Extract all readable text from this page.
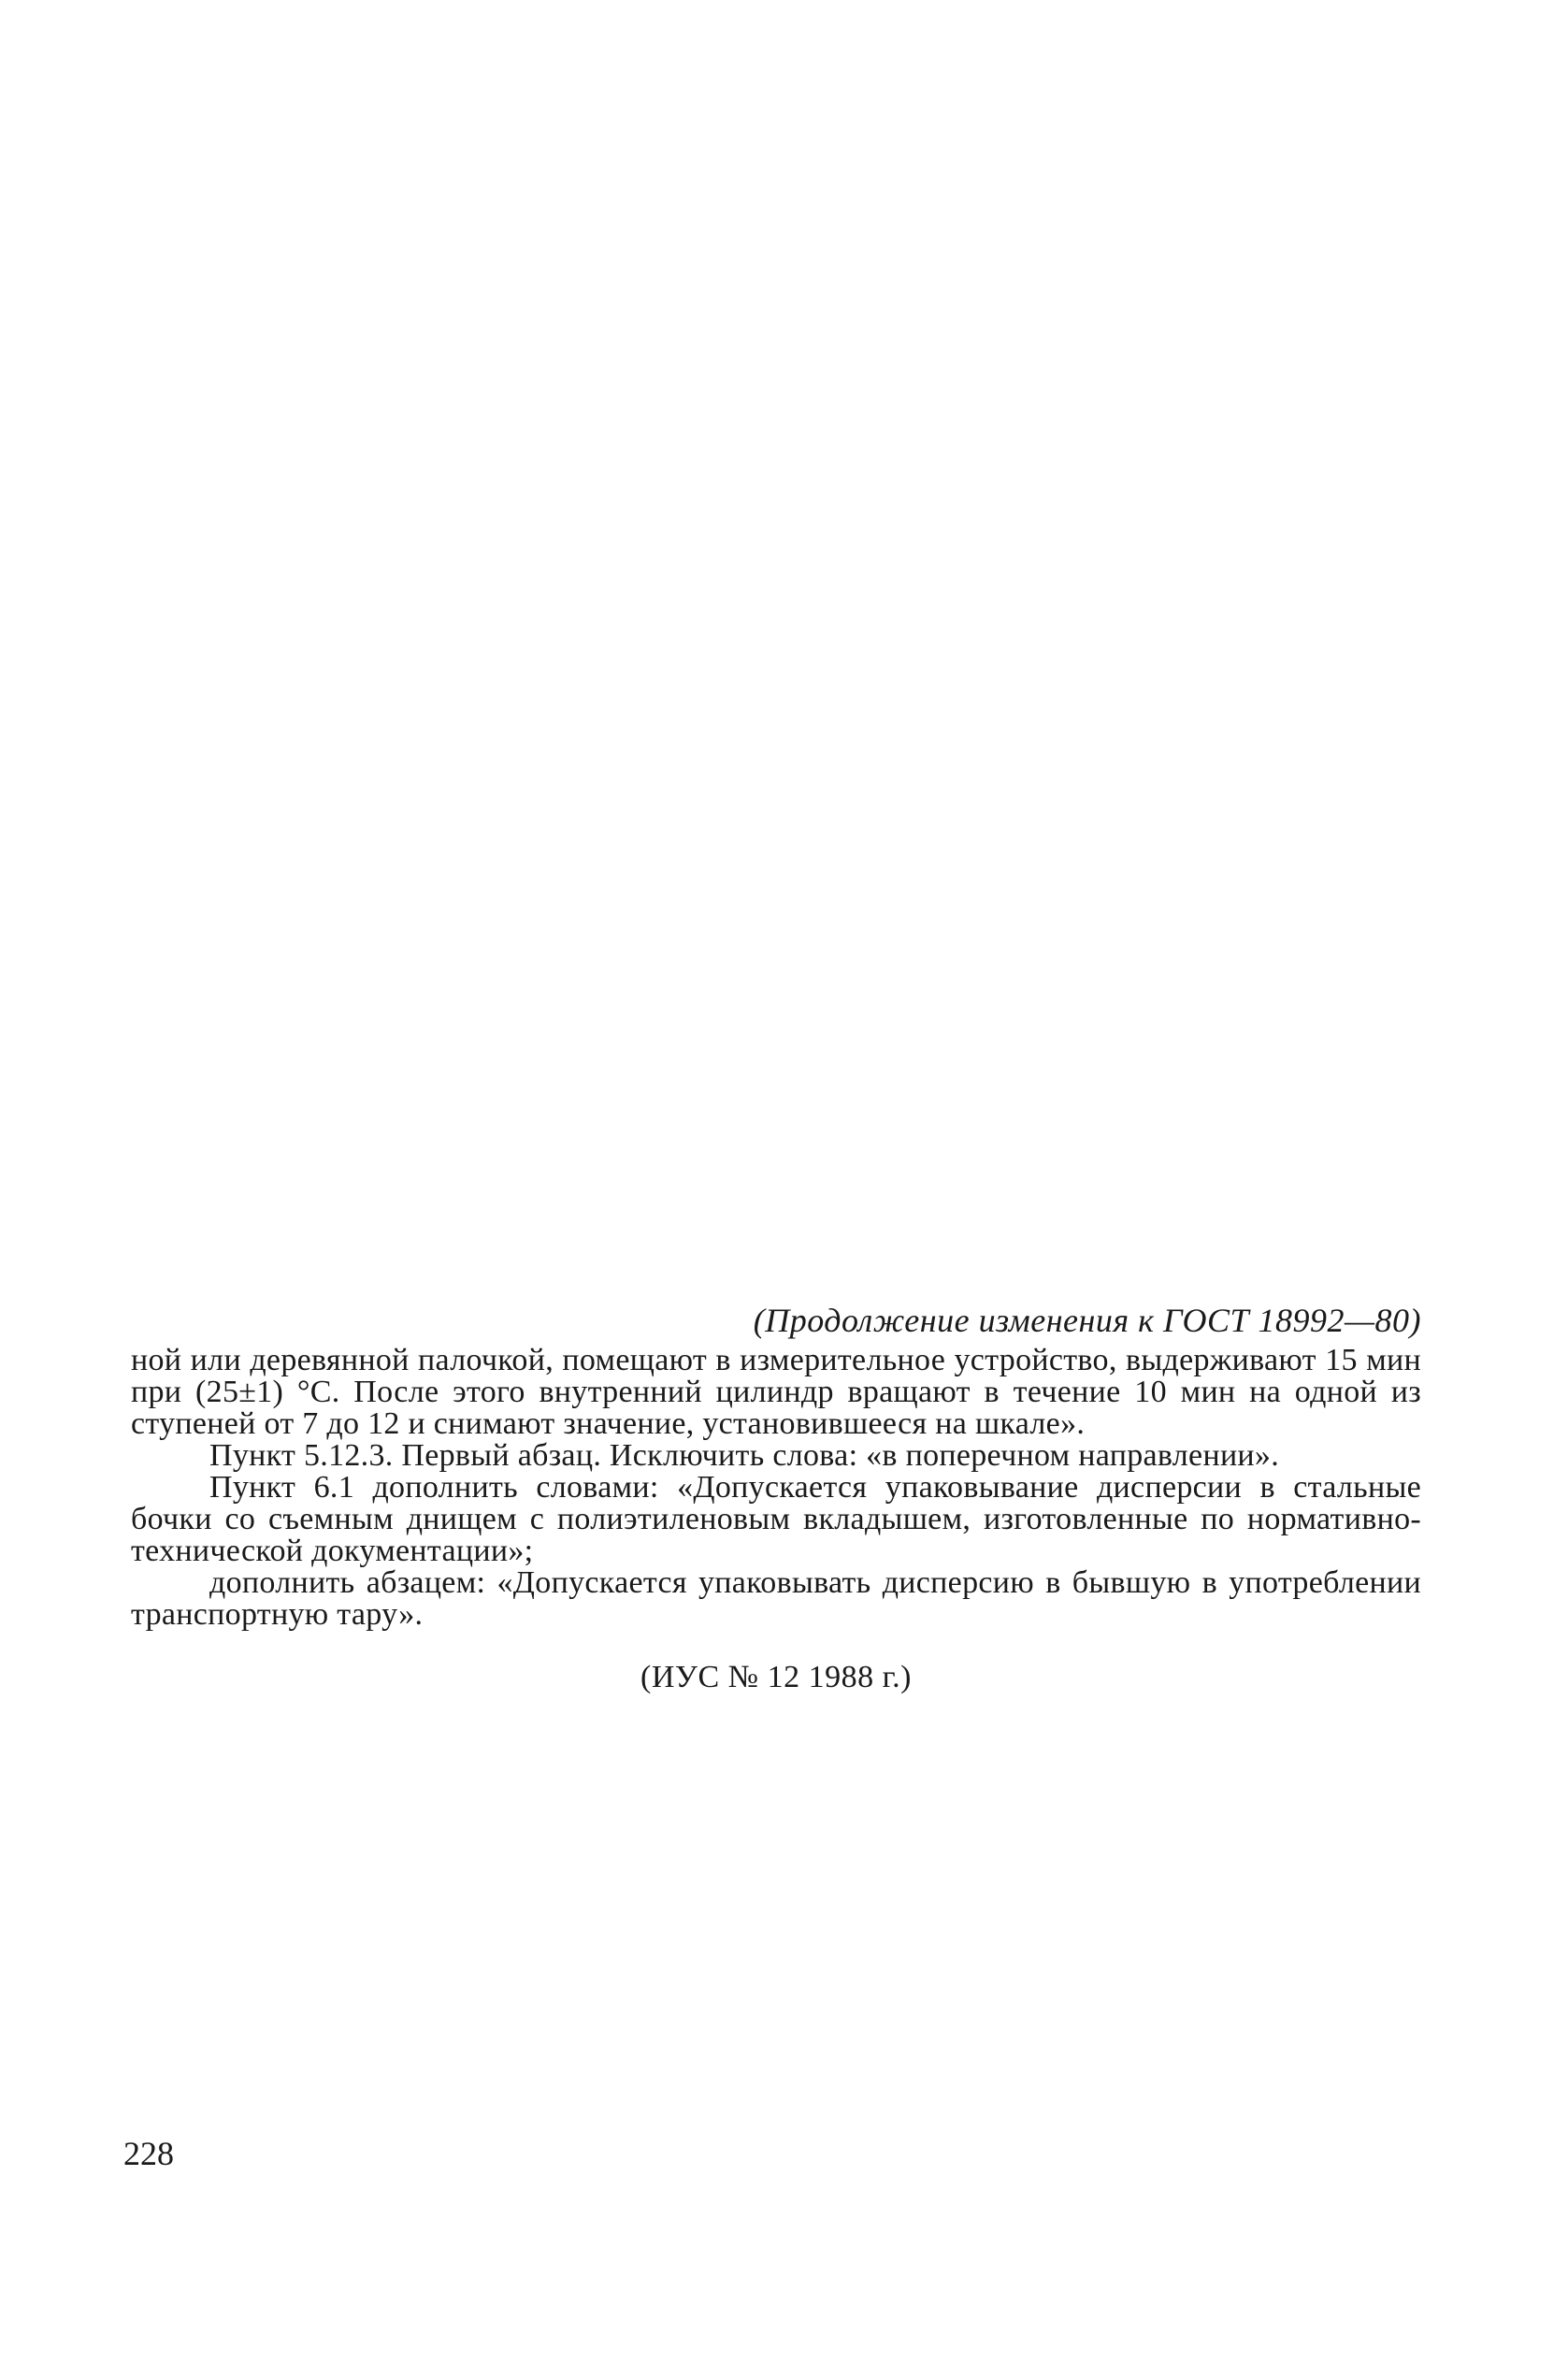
(Продолжение изменения к ГОСТ 18992—80)

ной или деревянной палочкой, помещают в измерительное устройство, выдерживают 15 мин при (25±1) °С. После этого внутренний цилиндр вращают в течение 10 мин на одной из ступеней от 7 до 12 и снимают значение, установившееся на шкале».

Пункт 5.12.3. Первый абзац. Исключить слова: «в поперечном направлении».

Пункт 6.1 дополнить словами: «Допускается упаковывание дисперсии в стальные бочки со съемным днищем с полиэтиленовым вкладышем, изготовленные по нормативно-технической документации»;

дополнить абзацем: «Допускается упаковывать дисперсию в бывшую в употреблении транспортную тару».

(ИУС № 12 1988 г.)
228
